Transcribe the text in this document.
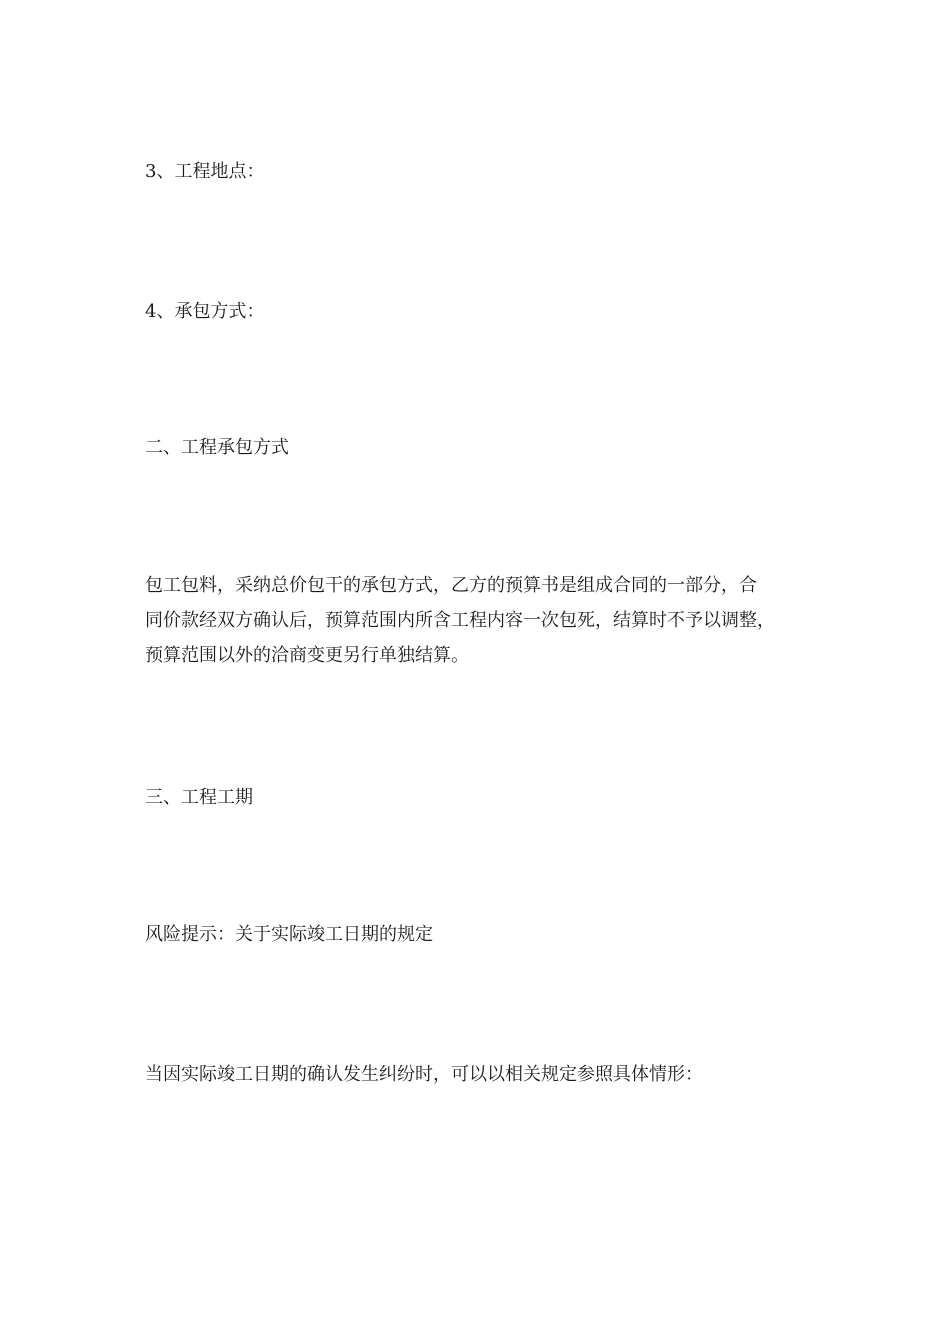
3、工程地点：

4、承包方式：

二、工程承包方式

包工包料，采纳总价包干的承包方式，乙方的预算书是组成合同的一部分，合
同价款经双方确认后，预算范围内所含工程内容一次包死，结算时不予以调整，
预算范围以外的洽商变更另行单独结算。

三、工程工期

风险提示：关于实际竣工日期的规定

当因实际竣工日期的确认发生纠纷时，可以以相关规定参照具体情形：
